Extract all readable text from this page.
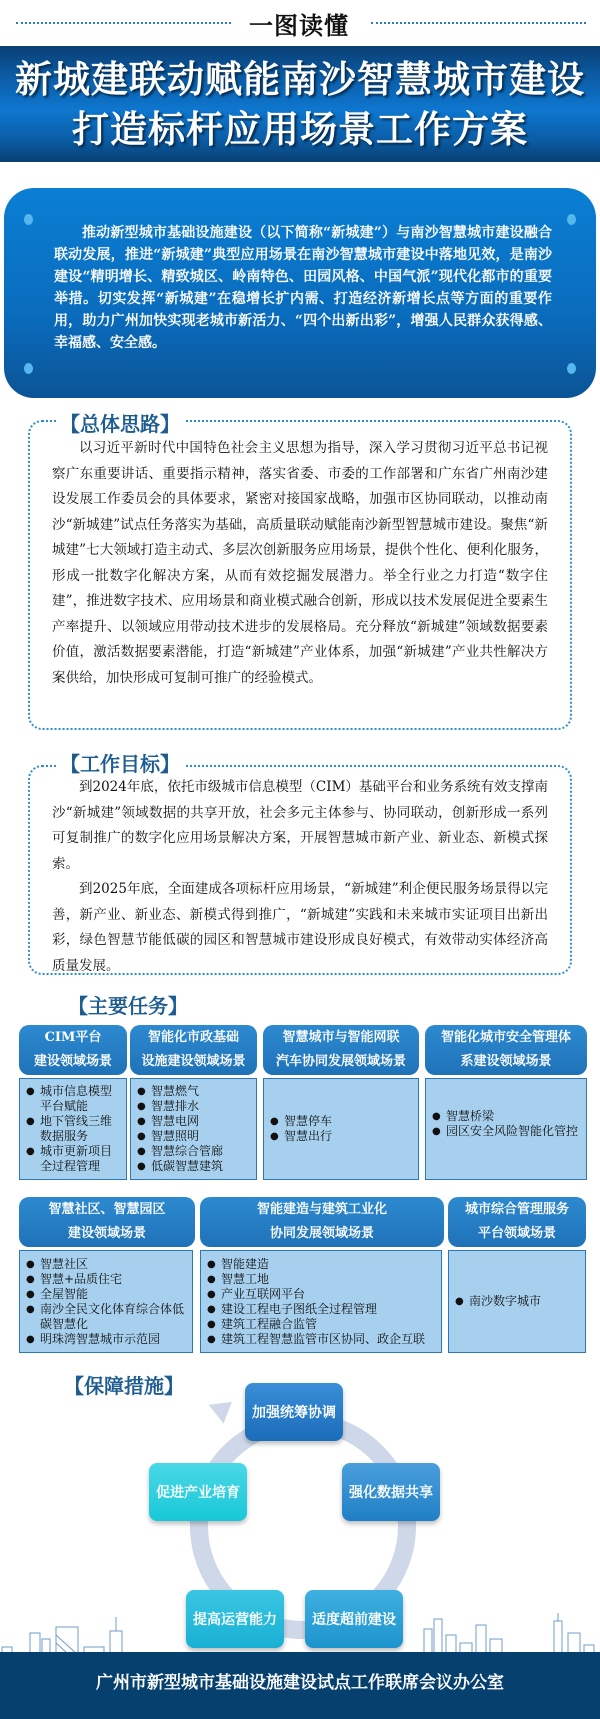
一图读懂
新城建联动赋能南沙智慧城市建设
打造标杆应用场景工作方案

推动新型城市基础设施建设（以下简称“新城建”）与南沙智慧城市建设融合联动发展，推进“新城建”典型应用场景在南沙智慧城市建设中落地见效，是南沙建设“精明增长、精致城区、岭南特色、田园风格、中国气派”现代化都市的重要举措。切实发挥“新城建”在稳增长扩内需、打造经济新增长点等方面的重要作用，助力广州加快实现老城市新活力、“四个出新出彩”，增强人民群众获得感、幸福感、安全感。

以习近平新时代中国特色社会主义思想为指导，深入学习贯彻习近平总书记视察广东重要讲话、重要指示精神，落实省委、市委的工作部署和广东省广州南沙建设发展工作委员会的具体要求，紧密对接国家战略，加强市区协同联动，以推动南沙“新城建”试点任务落实为基础，高质量联动赋能南沙新型智慧城市建设。聚焦“新城建”七大领域打造主动式、多层次创新服务应用场景，提供个性化、便利化服务，形成一批数字化解决方案，从而有效挖掘发展潜力。举全行业之力打造“数字住建”，推进数字技术、应用场景和商业模式融合创新，形成以技术发展促进全要素生产率提升、以领域应用带动技术进步的发展格局。充分释放“新城建”领域数据要素价值，激活数据要素潜能，打造“新城建”产业体系，加强“新城建”产业共性解决方案供给，加快形成可复制可推广的经验模式。
【总体思路】
到2024年底，依托市级城市信息模型（CIM）基础平台和业务系统有效支撑南沙“新城建”领域数据的共享开放，社会多元主体参与、协同联动，创新形成一系列可复制推广的数字化应用场景解决方案，开展智慧城市新产业、新业态、新模式探索。
到2025年底，全面建成各项标杆应用场景，“新城建”利企便民服务场景得以完善，新产业、新业态、新模式得到推广，“新城建”实践和未来城市实证项目出新出彩，绿色智慧节能低碳的园区和智慧城市建设形成良好模式，有效带动实体经济高质量发展。
【工作目标】
【主要任务】
CIM平台
建设领域场景
智能化市政基础
设施建设领域场景
智慧城市与智能网联
汽车协同发展领域场景
智能化城市安全管理体
系建设领域场景
● 城市信息模型平台赋能
● 地下管线三维数据服务
● 城市更新项目全过程管理
● 智慧燃气
● 智慧排水
● 智慧电网
● 智慧照明
● 智慧综合管廊
● 低碳智慧建筑
● 智慧停车
● 智慧出行
● 智慧桥梁
● 园区安全风险智能化管控
智慧社区、智慧园区
建设领域场景
智能建造与建筑工业化
协同发展领域场景
城市综合管理服务
平台领域场景
● 智慧社区
● 智慧+品质住宅
● 全屋智能
● 南沙全民文化体育综合体低碳智慧化
● 明珠湾智慧城市示范园
● 智能建造
● 智慧工地
● 产业互联网平台
● 建设工程电子图纸全过程管理
● 建筑工程融合监管
● 建筑工程智慧监管市区协同、政企互联
● 南沙数字城市
【保障措施】
加强统筹协调
强化数据共享
适度超前建设
提高运营能力
促进产业培育
广州市新型城市基础设施建设试点工作联席会议办公室
